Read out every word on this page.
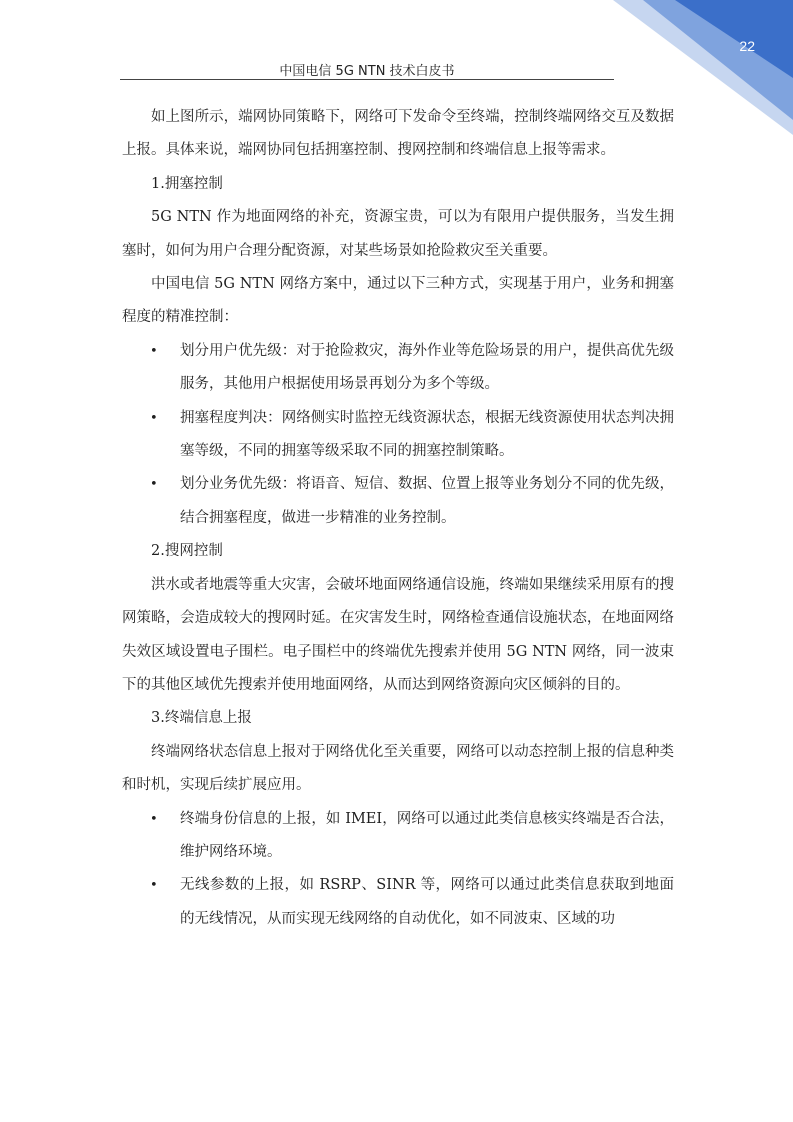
22
中国电信 5G NTN 技术白皮书

如上图所示，端网协同策略下，网络可下发命令至终端，控制终端网络交互及数据上报。具体来说，端网协同包括拥塞控制、搜网控制和终端信息上报等需求。

1.拥塞控制

5G NTN 作为地面网络的补充，资源宝贵，可以为有限用户提供服务，当发生拥塞时，如何为用户合理分配资源，对某些场景如抢险救灾至关重要。

中国电信 5G NTN 网络方案中，通过以下三种方式，实现基于用户，业务和拥塞程度的精准控制：

• 划分用户优先级：对于抢险救灾，海外作业等危险场景的用户，提供高优先级服务，其他用户根据使用场景再划分为多个等级。

• 拥塞程度判决：网络侧实时监控无线资源状态，根据无线资源使用状态判决拥塞等级，不同的拥塞等级采取不同的拥塞控制策略。

• 划分业务优先级：将语音、短信、数据、位置上报等业务划分不同的优先级，结合拥塞程度，做进一步精准的业务控制。

2.搜网控制

洪水或者地震等重大灾害，会破坏地面网络通信设施，终端如果继续采用原有的搜网策略，会造成较大的搜网时延。在灾害发生时，网络检查通信设施状态，在地面网络失效区域设置电子围栏。电子围栏中的终端优先搜索并使用 5G NTN 网络，同一波束下的其他区域优先搜索并使用地面网络，从而达到网络资源向灾区倾斜的目的。

3.终端信息上报

终端网络状态信息上报对于网络优化至关重要，网络可以动态控制上报的信息种类和时机，实现后续扩展应用。

• 终端身份信息的上报，如 IMEI，网络可以通过此类信息核实终端是否合法，维护网络环境。

• 无线参数的上报，如 RSRP、SINR 等，网络可以通过此类信息获取到地面的无线情况，从而实现无线网络的自动优化，如不同波束、区域的功
